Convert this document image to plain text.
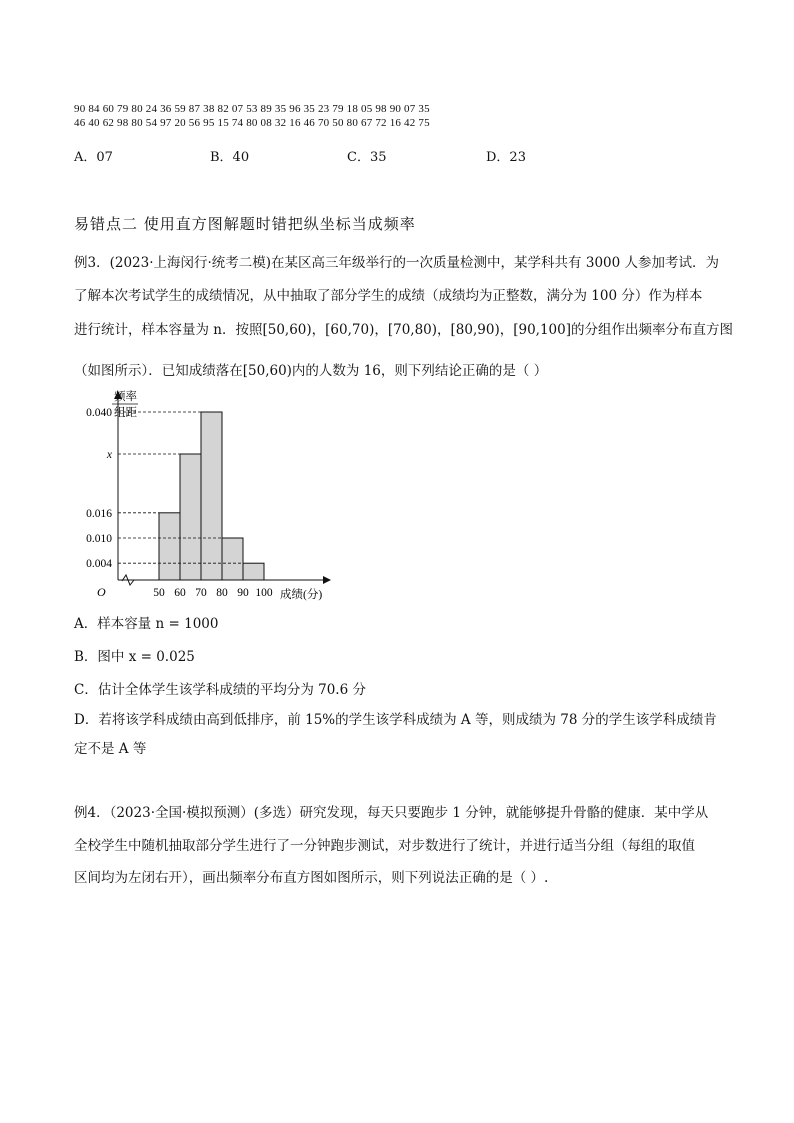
90 84 60 79 80 24 36 59 87 38 82 07 53 89 35 96 35 23 79 18 05 98 90 07 35
46 40 62 98 80 54 97 20 56 95 15 74 80 08 32 16 46 70 50 80 67 72 16 42 75
A．07	B．40	C．35	D．23
易错点二 使用直方图解题时错把纵坐标当成频率
例3．(2023·上海闵行·统考二模)在某区高三年级举行的一次质量检测中，某学科共有 3000 人参加考试．为
了解本次考试学生的成绩情况，从中抽取了部分学生的成绩（成绩均为正整数，满分为 100 分）作为样本
进行统计，样本容量为 n．按照[50,60)，[60,70)，[70,80)，[80,90)，[90,100]的分组作出频率分布直方图
（如图所示）．已知成绩落在[50,60)内的人数为 16，则下列结论正确的是（ ）
频率
组距
成绩(分)
O
0.040
x
0.016
0.010
0.004
50 60 70 80 90 100
A．样本容量 n = 1000
B．图中 x = 0.025
C．估计全体学生该学科成绩的平均分为 70.6 分
D．若将该学科成绩由高到低排序，前 15%的学生该学科成绩为 A 等，则成绩为 78 分的学生该学科成绩肯
定不是 A 等
例4．（2023·全国·模拟预测）(多选）研究发现，每天只要跑步 1 分钟，就能够提升骨骼的健康．某中学从
全校学生中随机抽取部分学生进行了一分钟跑步测试，对步数进行了统计，并进行适当分组（每组的取值
区间均为左闭右开），画出频率分布直方图如图所示，则下列说法正确的是（ ）.
